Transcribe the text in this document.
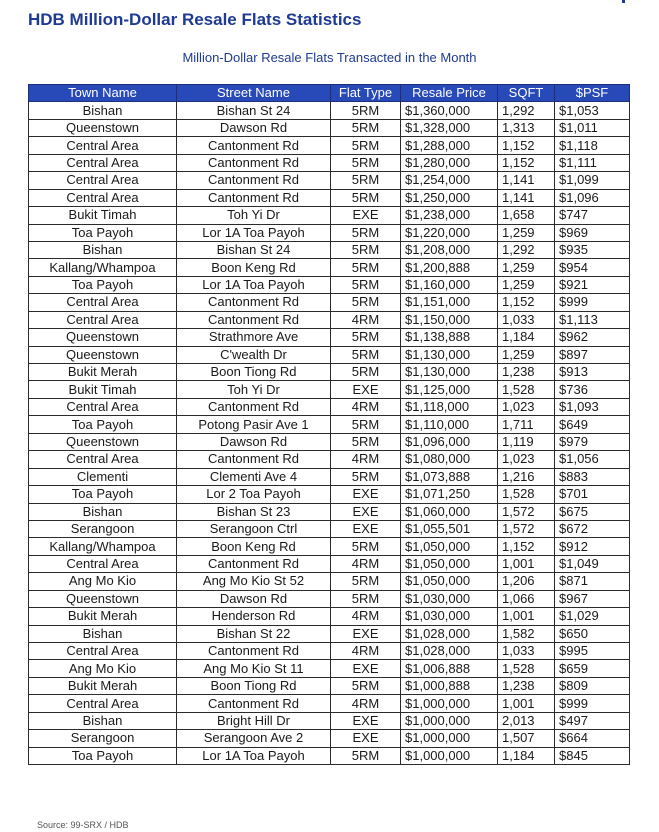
HDB Million-Dollar Resale Flats Statistics
Million-Dollar Resale Flats Transacted in the Month
Town Name	Street Name	Flat Type	Resale Price	SQFT	$PSF
Bishan	Bishan St 24	5RM	$1,360,000	1,292	$1,053
Queenstown	Dawson Rd	5RM	$1,328,000	1,313	$1,011
Central Area	Cantonment Rd	5RM	$1,288,000	1,152	$1,118
Central Area	Cantonment Rd	5RM	$1,280,000	1,152	$1,111
Central Area	Cantonment Rd	5RM	$1,254,000	1,141	$1,099
Central Area	Cantonment Rd	5RM	$1,250,000	1,141	$1,096
Bukit Timah	Toh Yi Dr	EXE	$1,238,000	1,658	$747
Toa Payoh	Lor 1A Toa Payoh	5RM	$1,220,000	1,259	$969
Bishan	Bishan St 24	5RM	$1,208,000	1,292	$935
Kallang/Whampoa	Boon Keng Rd	5RM	$1,200,888	1,259	$954
Toa Payoh	Lor 1A Toa Payoh	5RM	$1,160,000	1,259	$921
Central Area	Cantonment Rd	5RM	$1,151,000	1,152	$999
Central Area	Cantonment Rd	4RM	$1,150,000	1,033	$1,113
Queenstown	Strathmore Ave	5RM	$1,138,888	1,184	$962
Queenstown	C'wealth Dr	5RM	$1,130,000	1,259	$897
Bukit Merah	Boon Tiong Rd	5RM	$1,130,000	1,238	$913
Bukit Timah	Toh Yi Dr	EXE	$1,125,000	1,528	$736
Central Area	Cantonment Rd	4RM	$1,118,000	1,023	$1,093
Toa Payoh	Potong Pasir Ave 1	5RM	$1,110,000	1,711	$649
Queenstown	Dawson Rd	5RM	$1,096,000	1,119	$979
Central Area	Cantonment Rd	4RM	$1,080,000	1,023	$1,056
Clementi	Clementi Ave 4	5RM	$1,073,888	1,216	$883
Toa Payoh	Lor 2 Toa Payoh	EXE	$1,071,250	1,528	$701
Bishan	Bishan St 23	EXE	$1,060,000	1,572	$675
Serangoon	Serangoon Ctrl	EXE	$1,055,501	1,572	$672
Kallang/Whampoa	Boon Keng Rd	5RM	$1,050,000	1,152	$912
Central Area	Cantonment Rd	4RM	$1,050,000	1,001	$1,049
Ang Mo Kio	Ang Mo Kio St 52	5RM	$1,050,000	1,206	$871
Queenstown	Dawson Rd	5RM	$1,030,000	1,066	$967
Bukit Merah	Henderson Rd	4RM	$1,030,000	1,001	$1,029
Bishan	Bishan St 22	EXE	$1,028,000	1,582	$650
Central Area	Cantonment Rd	4RM	$1,028,000	1,033	$995
Ang Mo Kio	Ang Mo Kio St 11	EXE	$1,006,888	1,528	$659
Bukit Merah	Boon Tiong Rd	5RM	$1,000,888	1,238	$809
Central Area	Cantonment Rd	4RM	$1,000,000	1,001	$999
Bishan	Bright Hill Dr	EXE	$1,000,000	2,013	$497
Serangoon	Serangoon Ave 2	EXE	$1,000,000	1,507	$664
Toa Payoh	Lor 1A Toa Payoh	5RM	$1,000,000	1,184	$845
Source: 99-SRX / HDB
